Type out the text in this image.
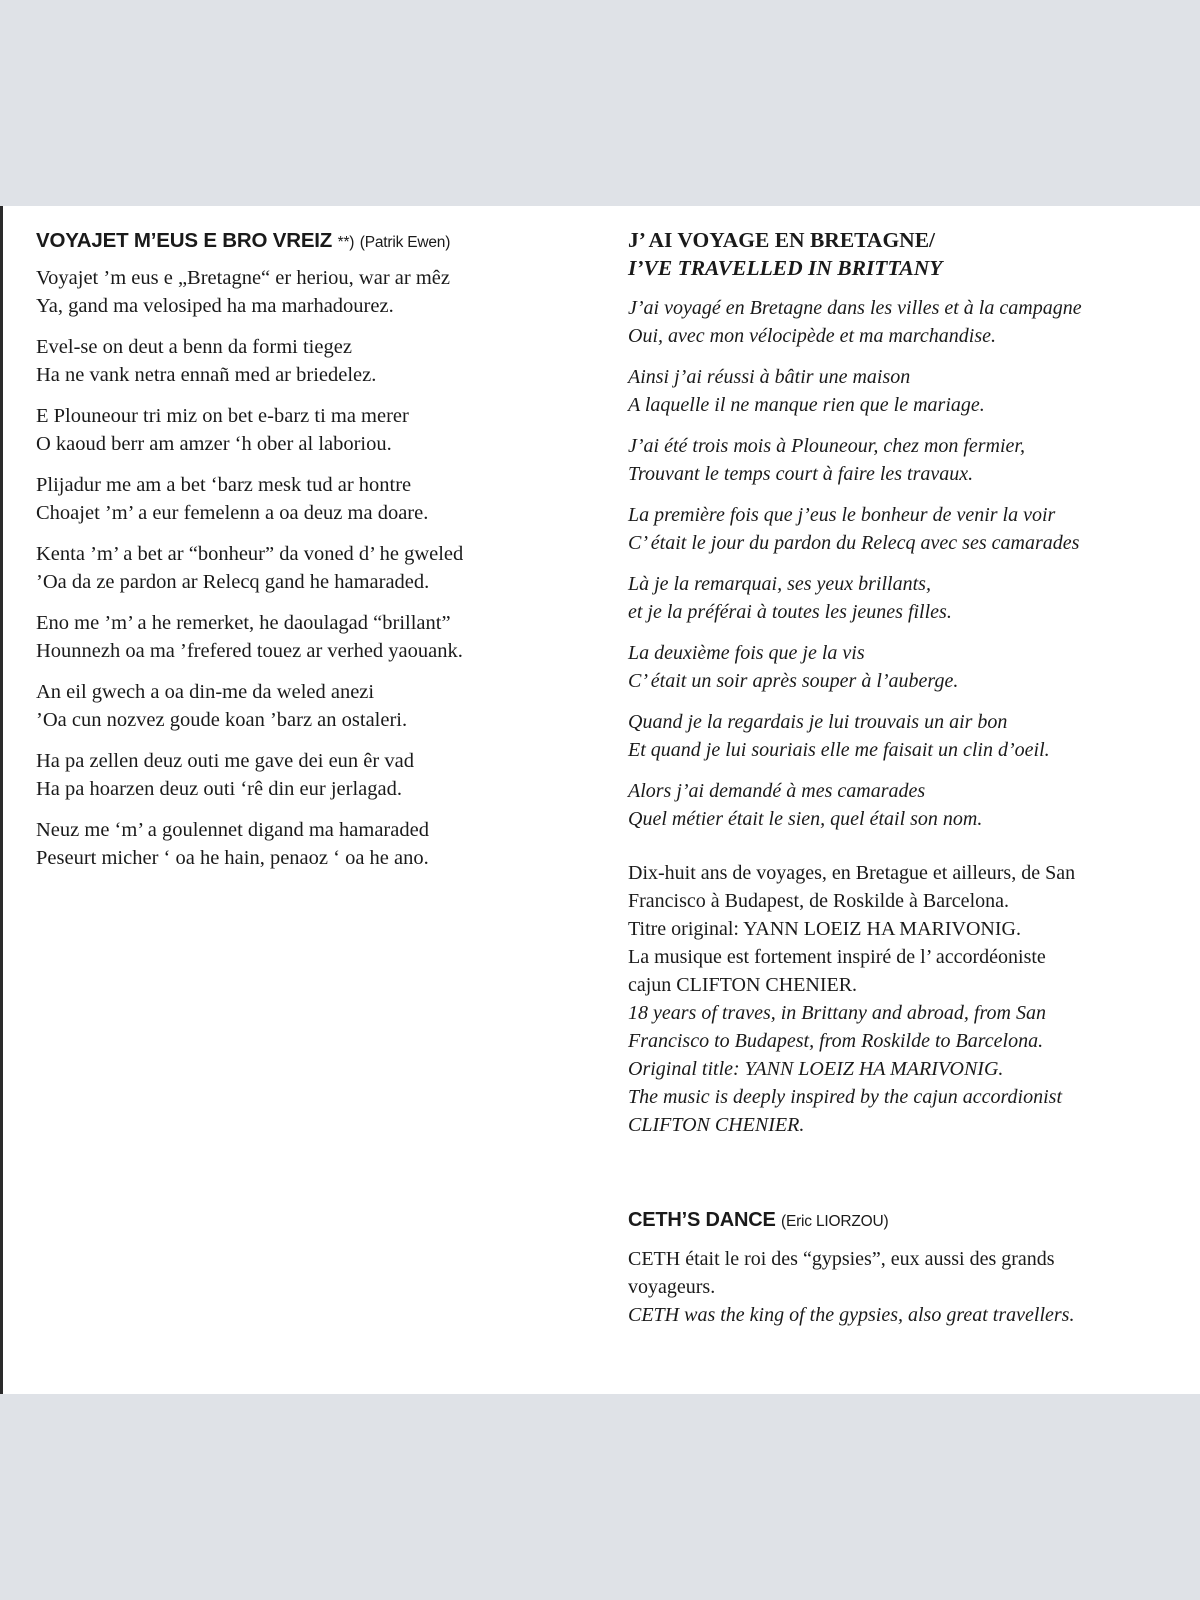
VOYAJET M’EUS E BRO VREIZ **) (Patrik Ewen)

Voyajet ’m eus e „Bretagne“ er heriou, war ar mêz
Ya, gand ma velosiped ha ma marhadourez.

Evel-se on deut a benn da formi tiegez
Ha ne vank netra ennañ med ar briedelez.

E Plouneour tri miz on bet e-barz ti ma merer
O kaoud berr am amzer ‘h ober al laboriou.

Plijadur me am a bet ‘barz mesk tud ar hontre
Choajet ’m’ a eur femelenn a oa deuz ma doare.

Kenta ’m’ a bet ar “bonheur” da voned d’ he gweled
’Oa da ze pardon ar Relecq gand he hamaraded.

Eno me ’m’ a he remerket, he daoulagad “brillant”
Hounnezh oa ma ’frefered touez ar verhed yaouank.

An eil gwech a oa din-me da weled anezi
’Oa cun nozvez goude koan ’barz an ostaleri.

Ha pa zellen deuz outi me gave dei eun êr vad
Ha pa hoarzen deuz outi ‘rê din eur jerlagad.

Neuz me ‘m’ a goulennet digand ma hamaraded
Peseurt micher ‘ oa he hain, penaoz ‘ oa he ano.

J’ AI VOYAGE EN BRETAGNE/
I’VE TRAVELLED IN BRITTANY

J’ai voyagé en Bretagne dans les villes et à la campagne
Oui, avec mon vélocipède et ma marchandise.

Ainsi j’ai réussi à bâtir une maison
A laquelle il ne manque rien que le mariage.

J’ai été trois mois à Plouneour, chez mon fermier,
Trouvant le temps court à faire les travaux.

La première fois que j’eus le bonheur de venir la voir
C’ était le jour du pardon du Relecq avec ses camarades

Là je la remarquai, ses yeux brillants,
et je la préférai à toutes les jeunes filles.

La deuxième fois que je la vis
C’ était un soir après souper à l’auberge.

Quand je la regardais je lui trouvais un air bon
Et quand je lui souriais elle me faisait un clin d’oeil.

Alors j’ai demandé à mes camarades
Quel métier était le sien, quel étail son nom.

Dix-huit ans de voyages, en Bretague et ailleurs, de San
Francisco à Budapest, de Roskilde à Barcelona.
Titre original: YANN LOEIZ HA MARIVONIG.
La musique est fortement inspiré de l’ accordéoniste
cajun CLIFTON CHENIER.
18 years of traves, in Brittany and abroad, from San
Francisco to Budapest, from Roskilde to Barcelona.
Original title: YANN LOEIZ HA MARIVONIG.
The music is deeply inspired by the cajun accordionist
CLIFTON CHENIER.
CETH’S DANCE (Eric LIORZOU)
CETH était le roi des “gypsies”, eux aussi des grands
voyageurs.
CETH was the king of the gypsies, also great travellers.
